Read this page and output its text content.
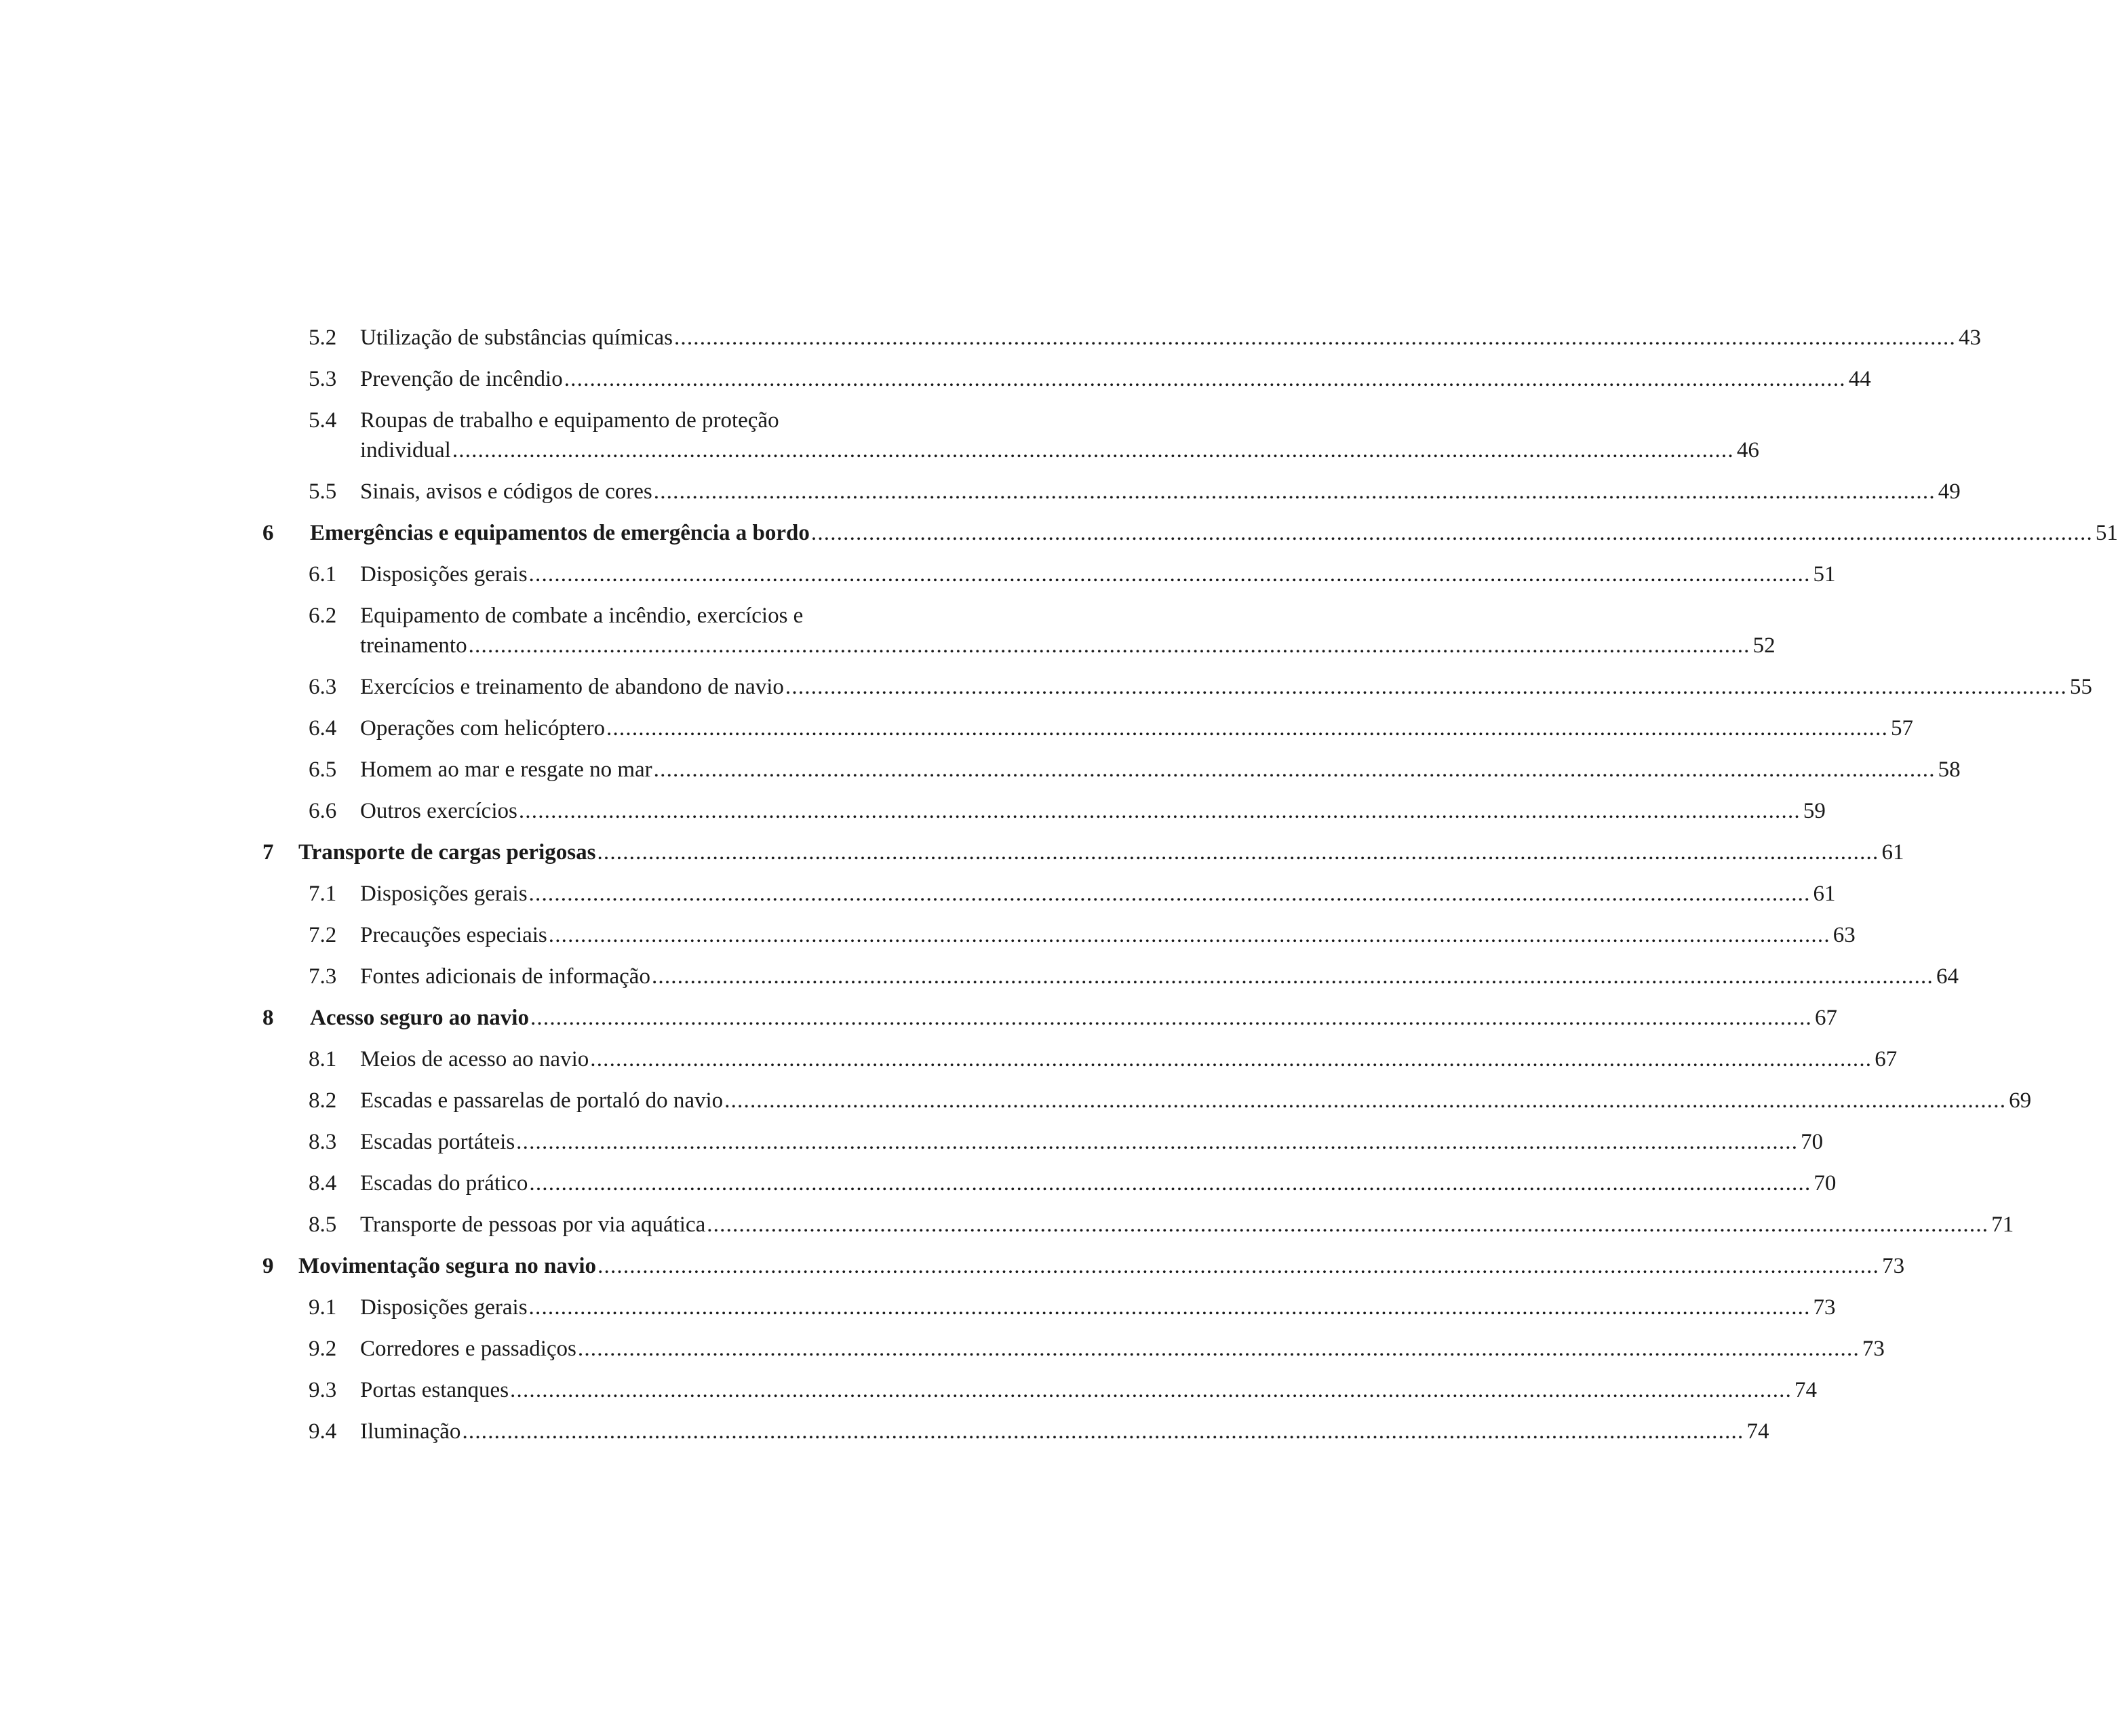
5.2 Utilização de substâncias químicas ........................................................................................................................................................................................................ 43
5.3 Prevenção de incêndio ........................................................................................................................................................................................................ 44
5.4 Roupas de trabalho e equipamento de proteção
individual ........................................................................................................................................................................................................ 46
5.5 Sinais, avisos e códigos de cores ........................................................................................................................................................................................................ 49
6 Emergências e equipamentos de emergência a bordo ........................................................................................................................................................................................................ 51
6.1 Disposições gerais ........................................................................................................................................................................................................ 51
6.2 Equipamento de combate a incêndio, exercícios e
treinamento ........................................................................................................................................................................................................ 52
6.3 Exercícios e treinamento de abandono de navio ........................................................................................................................................................................................................ 55
6.4 Operações com helicóptero ........................................................................................................................................................................................................ 57
6.5 Homem ao mar e resgate no mar ........................................................................................................................................................................................................ 58
6.6 Outros exercícios ........................................................................................................................................................................................................ 59
7 Transporte de cargas perigosas ........................................................................................................................................................................................................ 61
7.1 Disposições gerais ........................................................................................................................................................................................................ 61
7.2 Precauções especiais ........................................................................................................................................................................................................ 63
7.3 Fontes adicionais de informação ........................................................................................................................................................................................................ 64
8 Acesso seguro ao navio ........................................................................................................................................................................................................ 67
8.1 Meios de acesso ao navio ........................................................................................................................................................................................................ 67
8.2 Escadas e passarelas de portaló do navio ........................................................................................................................................................................................................ 69
8.3 Escadas portáteis ........................................................................................................................................................................................................ 70
8.4 Escadas do prático ........................................................................................................................................................................................................ 70
8.5 Transporte de pessoas por via aquática ........................................................................................................................................................................................................ 71
9 Movimentação segura no navio ........................................................................................................................................................................................................ 73
9.1 Disposições gerais ........................................................................................................................................................................................................ 73
9.2 Corredores e passadiços ........................................................................................................................................................................................................ 73
9.3 Portas estanques ........................................................................................................................................................................................................ 74
9.4 Iluminação ........................................................................................................................................................................................................ 74
